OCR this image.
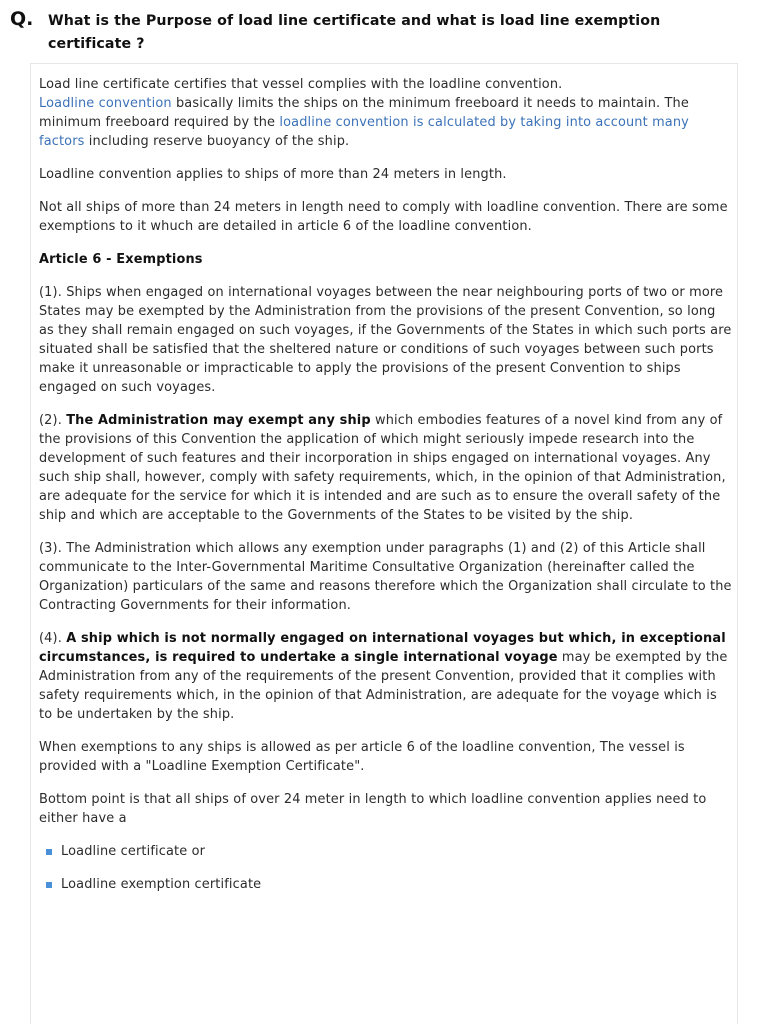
Q. What is the Purpose of load line certificate and what is load line exemption certificate ?

Load line certificate certifies that vessel complies with the loadline convention.
Loadline convention basically limits the ships on the minimum freeboard it needs to maintain. The minimum freeboard required by the loadline convention is calculated by taking into account many factors including reserve buoyancy of the ship.

Loadline convention applies to ships of more than 24 meters in length.

Not all ships of more than 24 meters in length need to comply with loadline convention. There are some exemptions to it whuch are detailed in article 6 of the loadline convention.

Article 6 - Exemptions

(1). Ships when engaged on international voyages between the near neighbouring ports of two or more States may be exempted by the Administration from the provisions of the present Convention, so long as they shall remain engaged on such voyages, if the Governments of the States in which such ports are situated shall be satisfied that the sheltered nature or conditions of such voyages between such ports make it unreasonable or impracticable to apply the provisions of the present Convention to ships engaged on such voyages.

(2). The Administration may exempt any ship which embodies features of a novel kind from any of the provisions of this Convention the application of which might seriously impede research into the development of such features and their incorporation in ships engaged on international voyages. Any such ship shall, however, comply with safety requirements, which, in the opinion of that Administration, are adequate for the service for which it is intended and are such as to ensure the overall safety of the ship and which are acceptable to the Governments of the States to be visited by the ship.

(3). The Administration which allows any exemption under paragraphs (1) and (2) of this Article shall communicate to the Inter-Governmental Maritime Consultative Organization (hereinafter called the Organization) particulars of the same and reasons therefore which the Organization shall circulate to the Contracting Governments for their information.

(4). A ship which is not normally engaged on international voyages but which, in exceptional circumstances, is required to undertake a single international voyage may be exempted by the Administration from any of the requirements of the present Convention, provided that it complies with safety requirements which, in the opinion of that Administration, are adequate for the voyage which is to be undertaken by the ship.

When exemptions to any ships is allowed as per article 6 of the loadline convention, The vessel is provided with a "Loadline Exemption Certificate".

Bottom point is that all ships of over 24 meter in length to which loadline convention applies need to either have a

Loadline certificate or
Loadline exemption certificate
